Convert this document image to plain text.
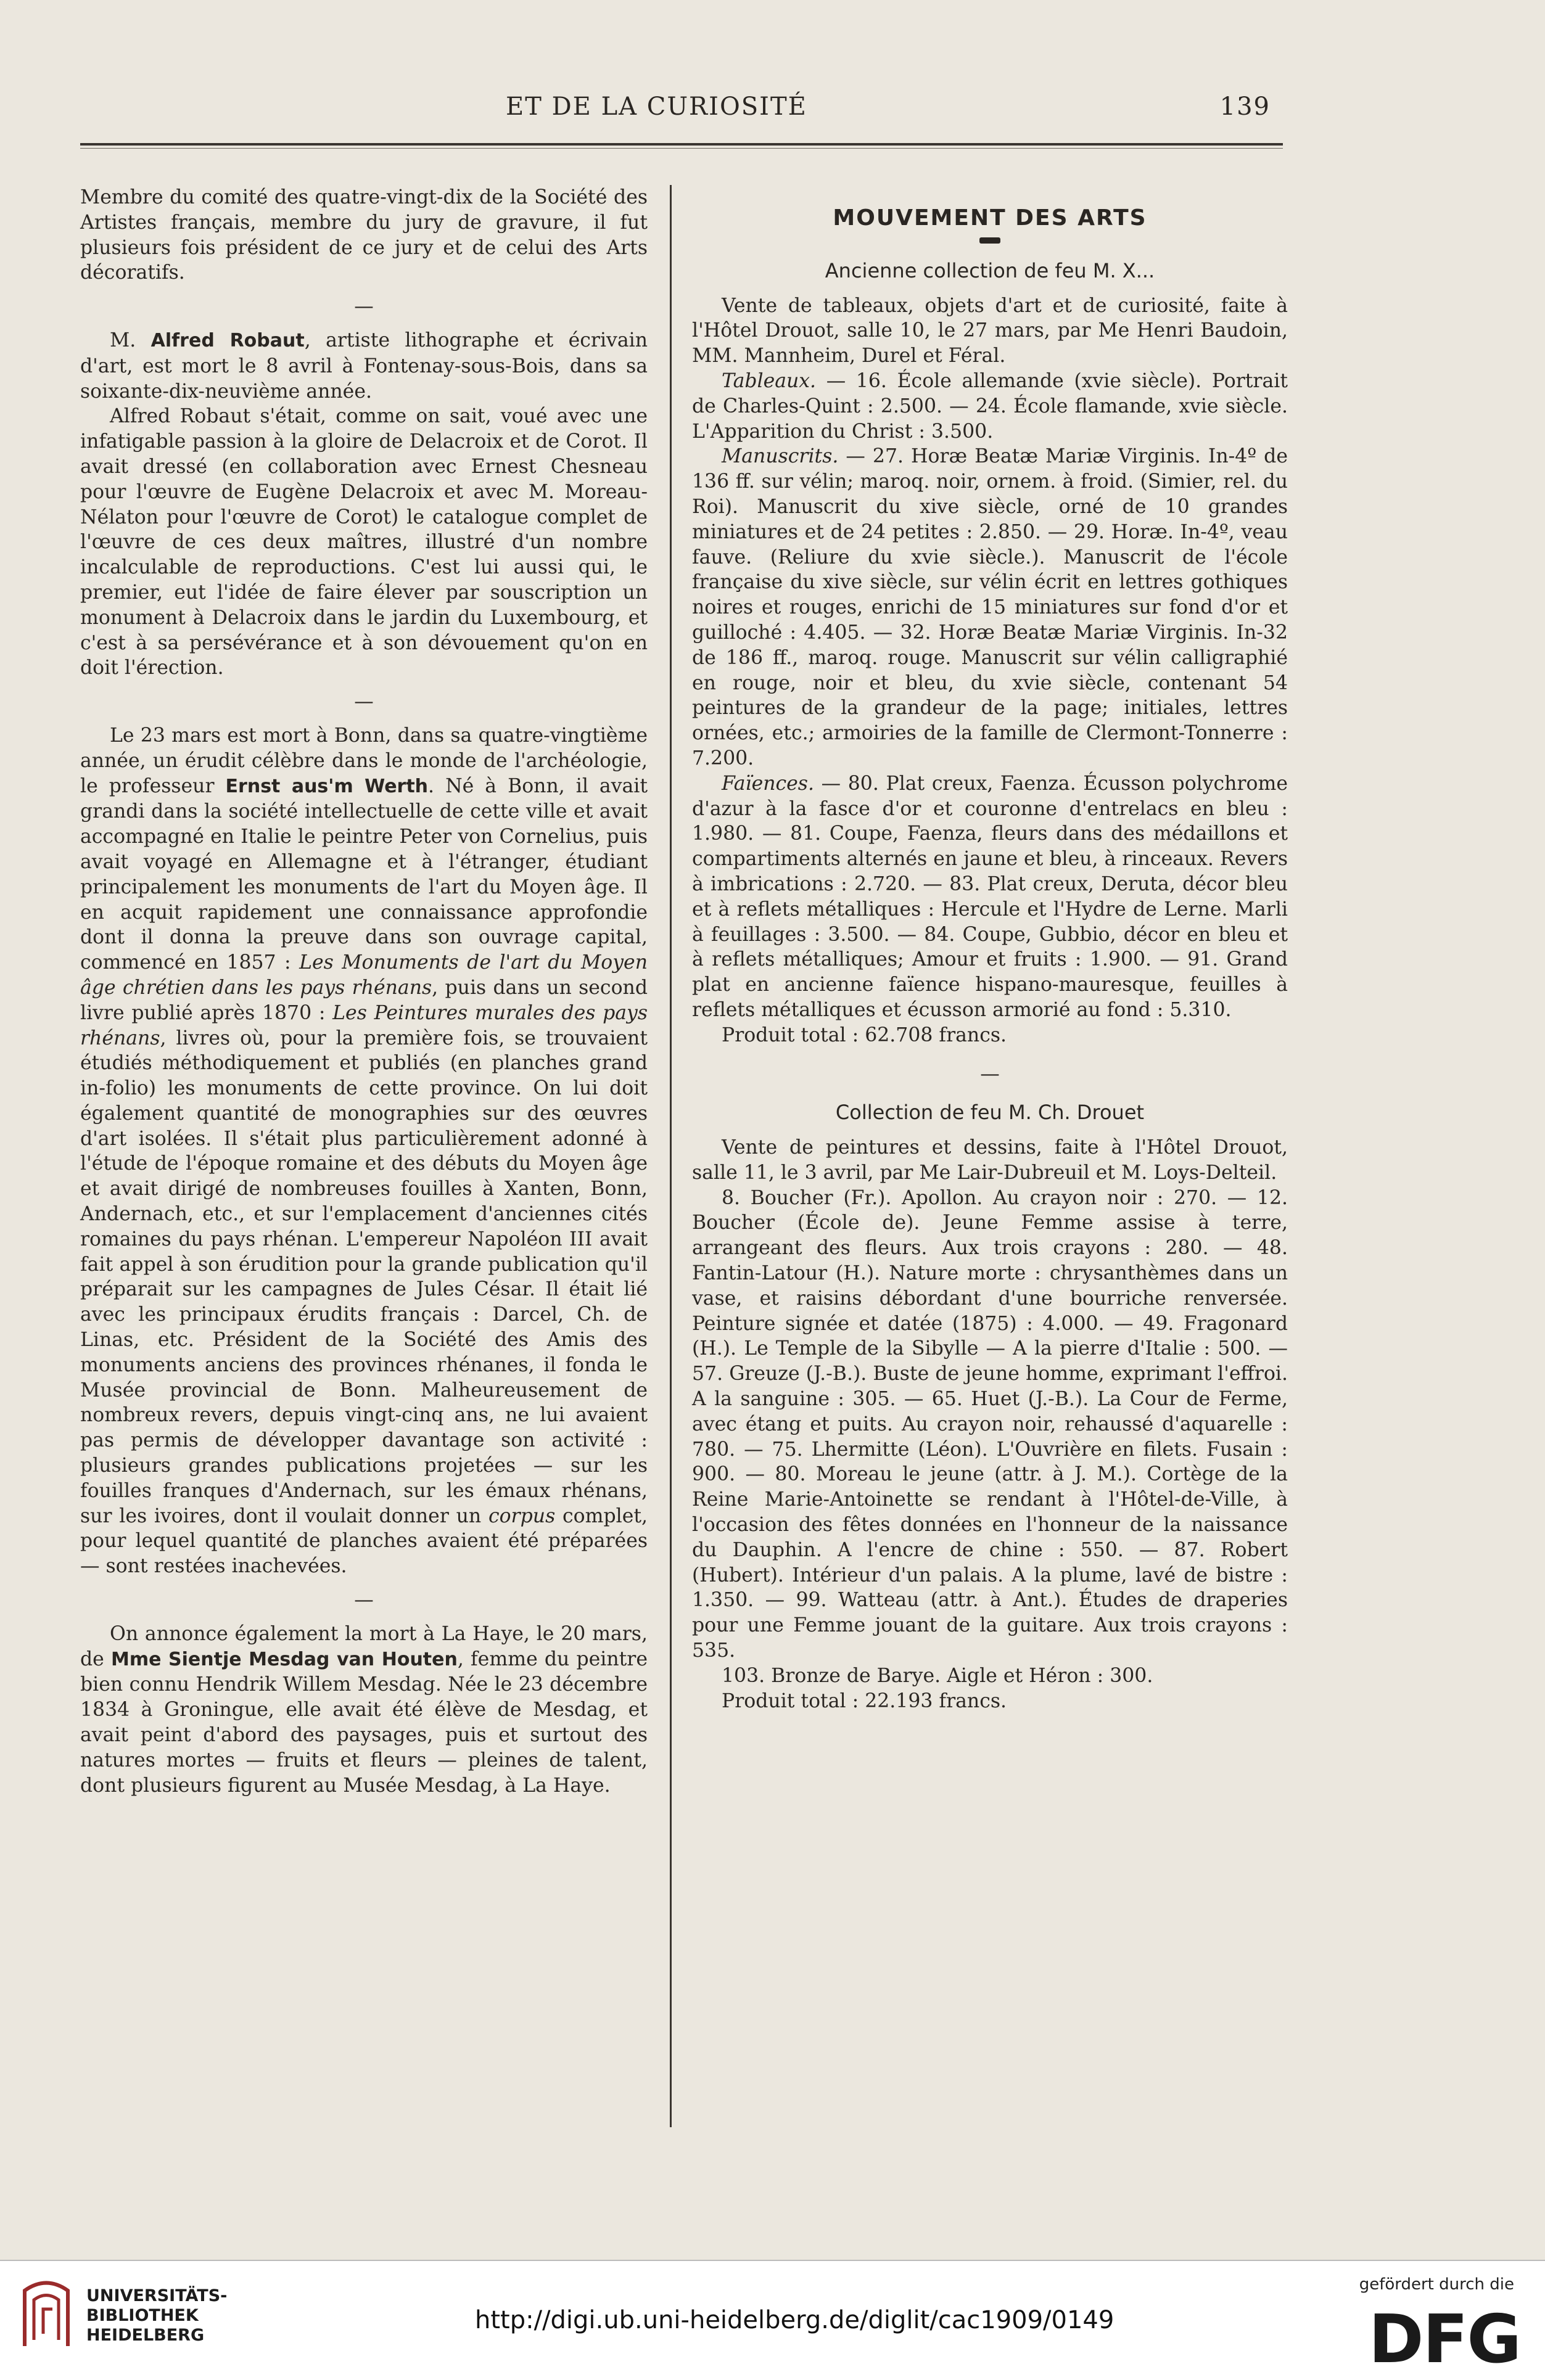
ET DE LA CURIOSITÉ	139

Membre du comité des quatre-vingt-dix de la Société des Artistes français, membre du jury de gravure, il fut plusieurs fois président de ce jury et de celui des Arts décoratifs.

—

M. Alfred Robaut, artiste lithographe et écrivain d'art, est mort le 8 avril à Fontenay-sous-Bois, dans sa soixante-dix-neuvième année.

Alfred Robaut s'était, comme on sait, voué avec une infatigable passion à la gloire de Delacroix et de Corot. Il avait dressé (en collaboration avec Ernest Chesneau pour l'œuvre de Eugène Delacroix et avec M. Moreau-Nélaton pour l'œuvre de Corot) le catalogue complet de l'œuvre de ces deux maîtres, illustré d'un nombre incalculable de reproductions. C'est lui aussi qui, le premier, eut l'idée de faire élever par souscription un monument à Delacroix dans le jardin du Luxembourg, et c'est à sa persévérance et à son dévouement qu'on en doit l'érection.

—

Le 23 mars est mort à Bonn, dans sa quatre-vingtième année, un érudit célèbre dans le monde de l'archéologie, le professeur Ernst aus'm Werth. Né à Bonn, il avait grandi dans la société intellectuelle de cette ville et avait accompagné en Italie le peintre Peter von Cornelius, puis avait voyagé en Allemagne et à l'étranger, étudiant principalement les monuments de l'art du Moyen âge. Il en acquit rapidement une connaissance approfondie dont il donna la preuve dans son ouvrage capital, commencé en 1857 : Les Monuments de l'art du Moyen âge chrétien dans les pays rhénans, puis dans un second livre publié après 1870 : Les Peintures murales des pays rhénans, livres où, pour la première fois, se trouvaient étudiés méthodiquement et publiés (en planches grand in-folio) les monuments de cette province. On lui doit également quantité de monographies sur des œuvres d'art isolées. Il s'était plus particulièrement adonné à l'étude de l'époque romaine et des débuts du Moyen âge et avait dirigé de nombreuses fouilles à Xanten, Bonn, Andernach, etc., et sur l'emplacement d'anciennes cités romaines du pays rhénan. L'empereur Napoléon III avait fait appel à son érudition pour la grande publication qu'il préparait sur les campagnes de Jules César. Il était lié avec les principaux érudits français : Darcel, Ch. de Linas, etc. Président de la Société des Amis des monuments anciens des provinces rhénanes, il fonda le Musée provincial de Bonn. Malheureusement de nombreux revers, depuis vingt-cinq ans, ne lui avaient pas permis de développer davantage son activité : plusieurs grandes publications projetées — sur les fouilles franques d'Andernach, sur les émaux rhénans, sur les ivoires, dont il voulait donner un corpus complet, pour lequel quantité de planches avaient été préparées — sont restées inachevées.

—

On annonce également la mort à La Haye, le 20 mars, de Mme Sientje Mesdag van Houten, femme du peintre bien connu Hendrik Willem Mesdag. Née le 23 décembre 1834 à Groningue, elle avait été élève de Mesdag, et avait peint d'abord des paysages, puis et surtout des natures mortes — fruits et fleurs — pleines de talent, dont plusieurs figurent au Musée Mesdag, à La Haye.

MOUVEMENT DES ARTS
Ancienne collection de feu M. X...

Vente de tableaux, objets d'art et de curiosité, faite à l'Hôtel Drouot, salle 10, le 27 mars, par Me Henri Baudoin, MM. Mannheim, Durel et Féral.

Tableaux. — 16. École allemande (xvie siècle). Portrait de Charles-Quint : 2.500. — 24. École flamande, xvie siècle. L'Apparition du Christ : 3.500.

Manuscrits. — 27. Horæ Beatæ Mariæ Virginis. In-4º de 136 ff. sur vélin; maroq. noir, ornem. à froid. (Simier, rel. du Roi). Manuscrit du xive siècle, orné de 10 grandes miniatures et de 24 petites : 2.850. — 29. Horæ. In-4º, veau fauve. (Reliure du xvie siècle.). Manuscrit de l'école française du xive siècle, sur vélin écrit en lettres gothiques noires et rouges, enrichi de 15 miniatures sur fond d'or et guilloché : 4.405. — 32. Horæ Beatæ Mariæ Virginis. In-32 de 186 ff., maroq. rouge. Manuscrit sur vélin calligraphié en rouge, noir et bleu, du xvie siècle, contenant 54 peintures de la grandeur de la page; initiales, lettres ornées, etc.; armoiries de la famille de Clermont-Tonnerre : 7.200.

Faïences. — 80. Plat creux, Faenza. Écusson polychrome d'azur à la fasce d'or et couronne d'entrelacs en bleu : 1.980. — 81. Coupe, Faenza, fleurs dans des médaillons et compartiments alternés en jaune et bleu, à rinceaux. Revers à imbrications : 2.720. — 83. Plat creux, Deruta, décor bleu et à reflets métalliques : Hercule et l'Hydre de Lerne. Marli à feuillages : 3.500. — 84. Coupe, Gubbio, décor en bleu et à reflets métalliques; Amour et fruits : 1.900. — 91. Grand plat en ancienne faïence hispano-mauresque, feuilles à reflets métalliques et écusson armorié au fond : 5.310.

Produit total : 62.708 francs.

—
Collection de feu M. Ch. Drouet

Vente de peintures et dessins, faite à l'Hôtel Drouot, salle 11, le 3 avril, par Me Lair-Dubreuil et M. Loys-Delteil.

8. Boucher (Fr.). Apollon. Au crayon noir : 270. — 12. Boucher (École de). Jeune Femme assise à terre, arrangeant des fleurs. Aux trois crayons : 280. — 48. Fantin-Latour (H.). Nature morte : chrysanthèmes dans un vase, et raisins débordant d'une bourriche renversée. Peinture signée et datée (1875) : 4.000. — 49. Fragonard (H.). Le Temple de la Sibylle — A la pierre d'Italie : 500. — 57. Greuze (J.-B.). Buste de jeune homme, exprimant l'effroi. A la sanguine : 305. — 65. Huet (J.-B.). La Cour de Ferme, avec étang et puits. Au crayon noir, rehaussé d'aquarelle : 780. — 75. Lhermitte (Léon). L'Ouvrière en filets. Fusain : 900. — 80. Moreau le jeune (attr. à J. M.). Cortège de la Reine Marie-Antoinette se rendant à l'Hôtel-de-Ville, à l'occasion des fêtes données en l'honneur de la naissance du Dauphin. A l'encre de chine : 550. — 87. Robert (Hubert). Intérieur d'un palais. A la plume, lavé de bistre : 1.350. — 99. Watteau (attr. à Ant.). Études de draperies pour une Femme jouant de la guitare. Aux trois crayons : 535.

103. Bronze de Barye. Aigle et Héron : 300.

Produit total : 22.193 francs.

UNIVERSITÄTS-
BIBLIOTHEK
HEIDELBERG
http://digi.ub.uni-heidelberg.de/diglit/cac1909/0149
gefördert durch die
DFG
